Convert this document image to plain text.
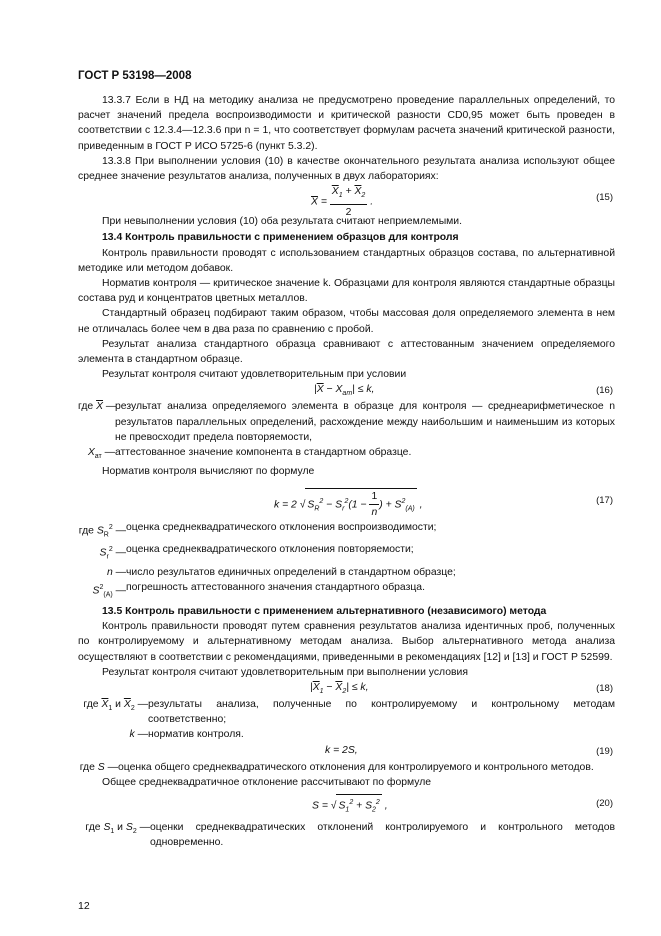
ГОСТ Р 53198—2008

13.3.7 Если в НД на методику анализа не предусмотрено проведение параллельных определений, то расчет значений предела воспроизводимости и критической разности CD0,95 может быть проведен в соответствии с 12.3.4—12.3.6 при n = 1, что соответствует формулам расчета значений критической разности, приведенным в ГОСТ Р ИСО 5725-6 (пункт 5.3.2).

13.3.8 При выполнении условия (10) в качестве окончательного результата анализа используют общее среднее значение результатов анализа, полученных в двух лабораториях:

$\overline{X} = \frac{\overline{X}_1 + \overline{X}_2}{2}$ .	(15)

При невыполнении условия (10) оба результата считают неприемлемыми.

13.4 Контроль правильности с применением образцов для контроля

Контроль правильности проводят с использованием стандартных образцов состава, по альтернативной методике или методом добавок.

Норматив контроля — критическое значение k. Образцами для контроля являются стандартные образцы состава руд и концентратов цветных металлов.

Стандартный образец подбирают таким образом, чтобы массовая доля определяемого элемента в нем не отличалась более чем в два раза по сравнению с пробой.

Результат анализа стандартного образца сравнивают с аттестованным значением определяемого элемента в стандартном образце.

Результат контроля считают удовлетворительным при условии

$|\overline{X} - X_{ат}| \le k$,	(16)
где $\overline{X}$ —
результат анализа определяемого элемента в образце для контроля — среднеарифметическое n результатов параллельных определений, расхождение между наибольшим и наименьшим из которых не превосходит предела повторяемости,
$X_{ат}$ — аттестованное значение компонента в стандартном образце.

Норматив контроля вычисляют по формуле

k = 2 √ $S_R^2 - S_r^2(1 - \frac{1}{n}$ ) + $S^2_{(A)}$ ,	(17)
где $S_R^2$ — оценка среднеквадратического отклонения воспроизводимости;
$S_r^2$ — оценка среднеквадратического отклонения повторяемости;
n — число результатов единичных определений в стандартном образце;
$S^2_{(A)}$ — погрешность аттестованного значения стандартного образца.

13.5 Контроль правильности с применением альтернативного (независимого) метода

Контроль правильности проводят путем сравнения результатов анализа идентичных проб, полученных по контролируемому и альтернативному методам анализа. Выбор альтернативного метода анализа осуществляют в соответствии с рекомендациями, приведенными в рекомендациях [12] и [13] и ГОСТ Р 52599.

Результат контроля считают удовлетворительным при выполнении условия

$|\overline{X}_1 - \overline{X}_2| \le k$,	(18)
где $\overline{X}_1$ и $\overline{X}_2$ — результаты анализа, полученные по контролируемому и контрольному методам соответственно;
k — норматив контроля.
k = 2S,	(19)
где S — оценка общего среднеквадратического отклонения для контролируемого и контрольного методов.

Общее среднеквадратичное отклонение рассчитывают по формуле

S = √ $S_1^2 + S_2^2$ ,	(20)
где $S_1$ и $S_2$ — оценки среднеквадратических отклонений контролируемого и контрольного методов одновременно.
12
